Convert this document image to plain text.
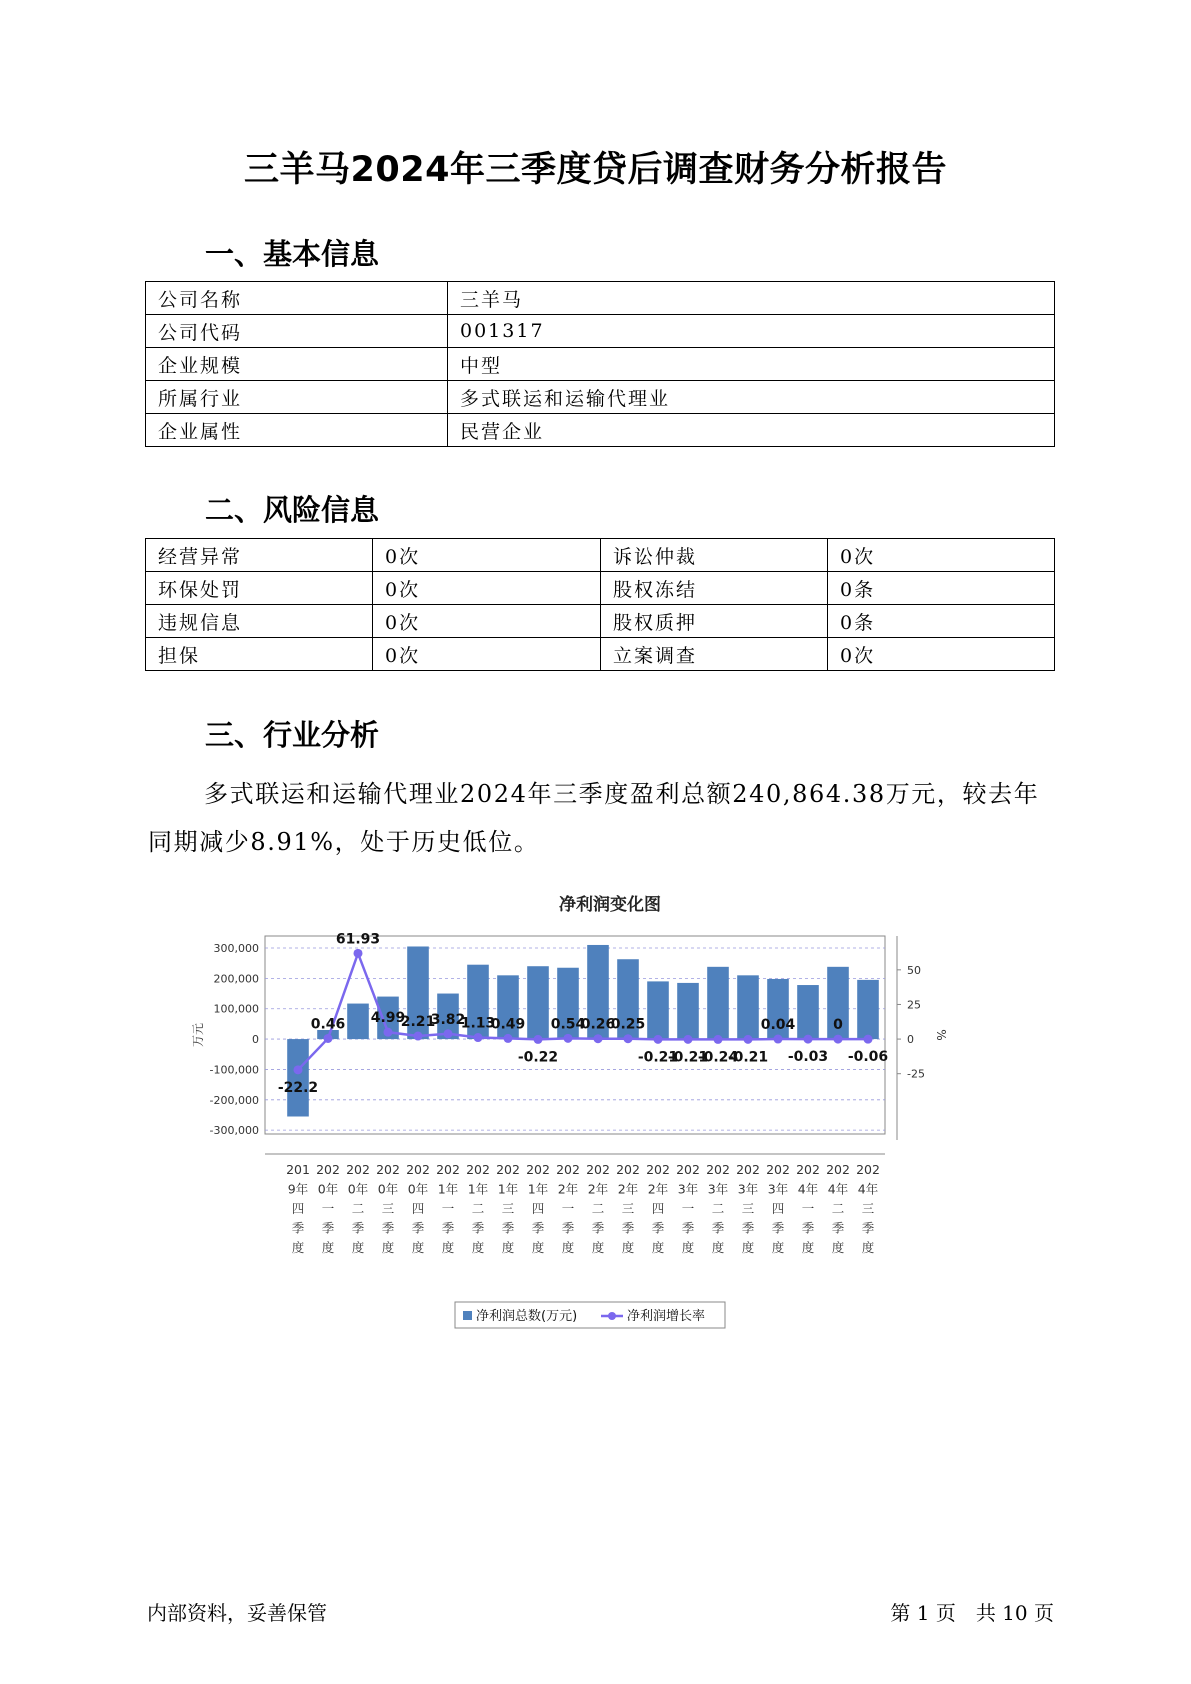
三羊马2024年三季度贷后调查财务分析报告
一、基本信息
公司名称	三羊马
公司代码	001317
企业规模	中型
所属行业	多式联运和运输代理业
企业属性	民营企业
二、风险信息
经营异常	0次	诉讼仲裁	0次
环保处罚	0次	股权冻结	0条
违规信息	0次	股权质押	0条
担保	0次	立案调查	0次
三、行业分析
多式联运和运输代理业2024年三季度盈利总额240,864.38万元，较去年同期减少8.91%，处于历史低位。
净利润变化图
300,000
200,000
100,000
0
-100,000
-200,000
-300,000
万元
50
25
0
-25
%
-22.2
0.46
61.93
4.99
2.21
3.82
1.13
0.49
-0.22
0.54
0.26
0.25
-0.21
-0.21
-0.24
-0.21
0.04
-0.03
0
-0.06
201
9年
四
季
度
202
0年
一
季
度
202
0年
二
季
度
202
0年
三
季
度
202
0年
四
季
度
202
1年
一
季
度
202
1年
二
季
度
202
1年
三
季
度
202
1年
四
季
度
202
2年
一
季
度
202
2年
二
季
度
202
2年
三
季
度
202
2年
四
季
度
202
3年
一
季
度
202
3年
二
季
度
202
3年
三
季
度
202
3年
四
季
度
202
4年
一
季
度
202
4年
二
季
度
202
4年
三
季
度
净利润总数(万元)	净利润增长率
内部资料，妥善保管	第 1 页　共 10 页
